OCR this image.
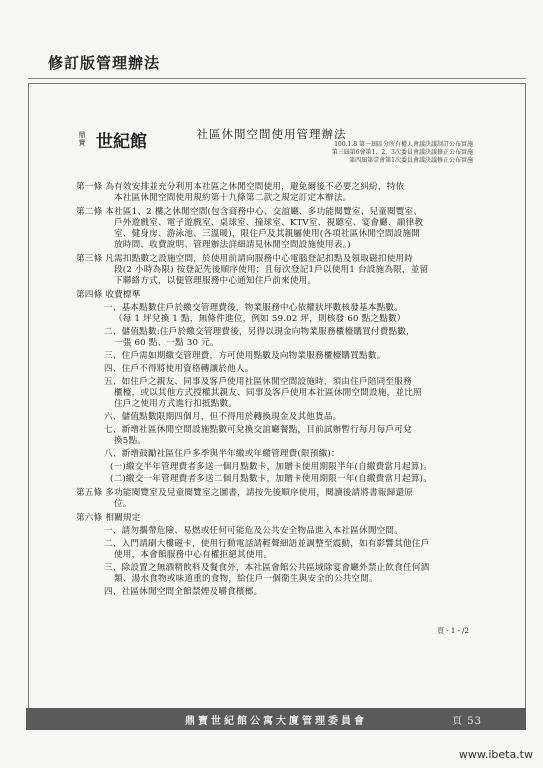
修訂版管理辦法
鼎
寶 世紀館	社區休閒空間使用管理辦法
100.1.8 第一屆區分所有權人會議決議制訂公布實施
第三屆第6會第1、2、3次委員會議決議修正公布實施
第四屆第壹會第1次委員會議決議修正公布實施
第一條 為有效安排並充分利用本社區之休閒空間使用，避免爾後不必要之糾紛，特依
本社區休閒空間使用規約第十九條第二款之規定訂定本辦法。
第二條 本社區1、2 樓之休閒空間(包含商務中心、交誼廳、多功能閱覽室、兒童閱覽室、
戶外遊戲室、電子遊戲室、桌球室、撞球室、KTV室、視聽室、宴會廳、韻律教
室、健身房、游泳池、三溫暖)，限住戶及其親屬使用(各項社區休閒空間設施開
放時間、收費說明、管理辦法詳細請見休閒空間設施使用表。)
第三條 凡需扣點數之設施空間，於使用前請向服務中心電腦登記扣點及領取磁扣使用時
段(2 小時為限) 按登記先後順序使用；且每次登記1戶以使用1 台設施為限，並留
下聯絡方式，以便管理服務中心通知住戶前來使用。
第四條 收費標準
一、基本點數住戶於繳交管理費後，物業服務中心依權狀坪數核發基本點數。
（每 1 坪兌換 1 點，無條件進位，例如 59.02 坪，則核發 60 點之點數）
二、儲值點數:住戶於繳交管理費後，另得以現金向物業服務櫃檯購買付費點數，
一張 60 點、一點 30 元。
三、住戶需如期繳交管理費，方可使用點數及向物業服務櫃檯購買點數。
四、住戶不得將使用資格轉讓於他人。
五、如住戶之親友、同事及客戶使用社區休閒空間設施時，須由住戶陪同至服務
櫃檯，或以其他方式授權其親友、同事及客戶使用本社區休閒空間設施，並比照
住戶之使用方式進行扣抵點數。
六、儲值點數限期四個月，但不得用於轉換現金及其他貨品。
七、新增社區休閒空間設施點數可兌換交誼廳餐點，目前試辦暫行每月每戶可兌
換5點。
八、新增鼓勵社區住戶多季與半年繳或年繳管理費(限預繳)：
(一)繳交半年管理費者多送一個月點數卡，加贈卡使用期限半年(自繳費當月起算)。
(二)繳交一年管理費者多送二個月點數卡，加贈卡使用期限一年(自繳費當月起算)。
第五條 多功能閱覽室及兒童閱覽室之圖書，請按先後順序使用，閱讀後請將書報歸還原
位。
第六條 相關規定
一、請勿攜帶危險、易燃或任何可能危及公共安全物品進入本社區休閒空間。
二、入門請刷大樓磁卡，使用行動電話請輕聲細語並調整至震動，如有影響其他住戶
使用，本會館服務中心有權拒絕其使用。
三、除設置之無酒精飲料及餐食外，本社區會館公共區域除宴會廳外禁止飲食任何酒
類、湯水食物或味道重的食物，給住戶一個衛生與安全的公共空間。
四、社區休閒空間全館禁煙及嚼食檳榔。
頁 - 1 - /2
鼎寶世紀館公寓大廈管理委員會	頁 53
www.ibeta.tw
